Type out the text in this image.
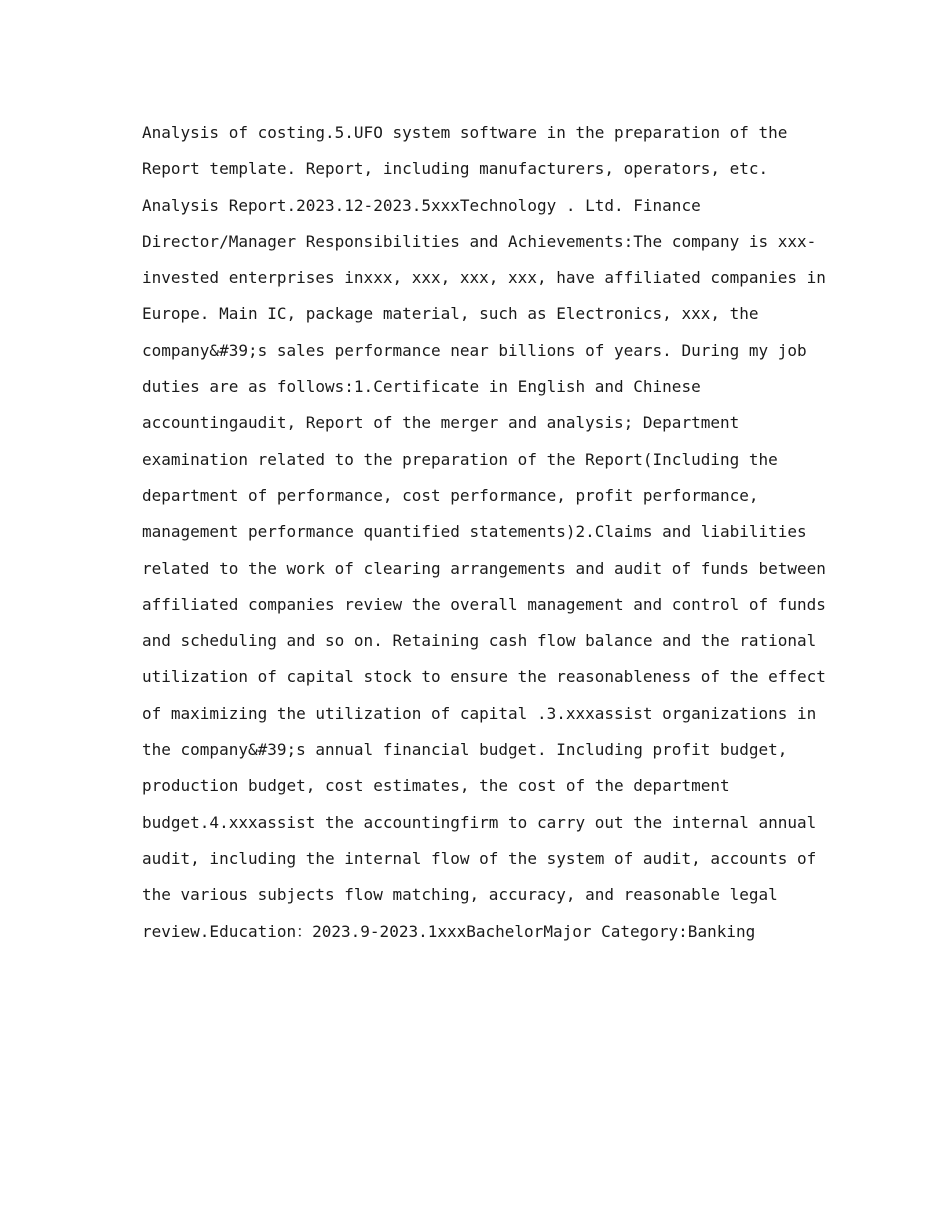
Analysis of costing.5.UFO system software in the preparation of the
Report template. Report, including manufacturers, operators, etc.
Analysis Report.2023.12-2023.5xxxTechnology . Ltd. Finance
Director/Manager Responsibilities and Achievements:The company is xxx-
invested enterprises inxxx, xxx, xxx, xxx, have affiliated companies in
Europe. Main IC, package material, such as Electronics, xxx, the
company&#39;s sales performance near billions of years. During my job
duties are as follows:1.Certificate in English and Chinese
accountingaudit, Report of the merger and analysis; Department
examination related to the preparation of the Report(Including the
department of performance, cost performance, profit performance,
management performance quantified statements)2.Claims and liabilities
related to the work of clearing arrangements and audit of funds between
affiliated companies review the overall management and control of funds
and scheduling and so on. Retaining cash flow balance and the rational
utilization of capital stock to ensure the reasonableness of the effect
of maximizing the utilization of capital .3.xxxassist organizations in
the company&#39;s annual financial budget. Including profit budget,
production budget, cost estimates, the cost of the department
budget.4.xxxassist the accountingfirm to carry out the internal annual
audit, including the internal flow of the system of audit, accounts of
the various subjects flow matching, accuracy, and reasonable legal
review.Education：2023.9-2023.1xxxBachelorMajor Category:Banking
